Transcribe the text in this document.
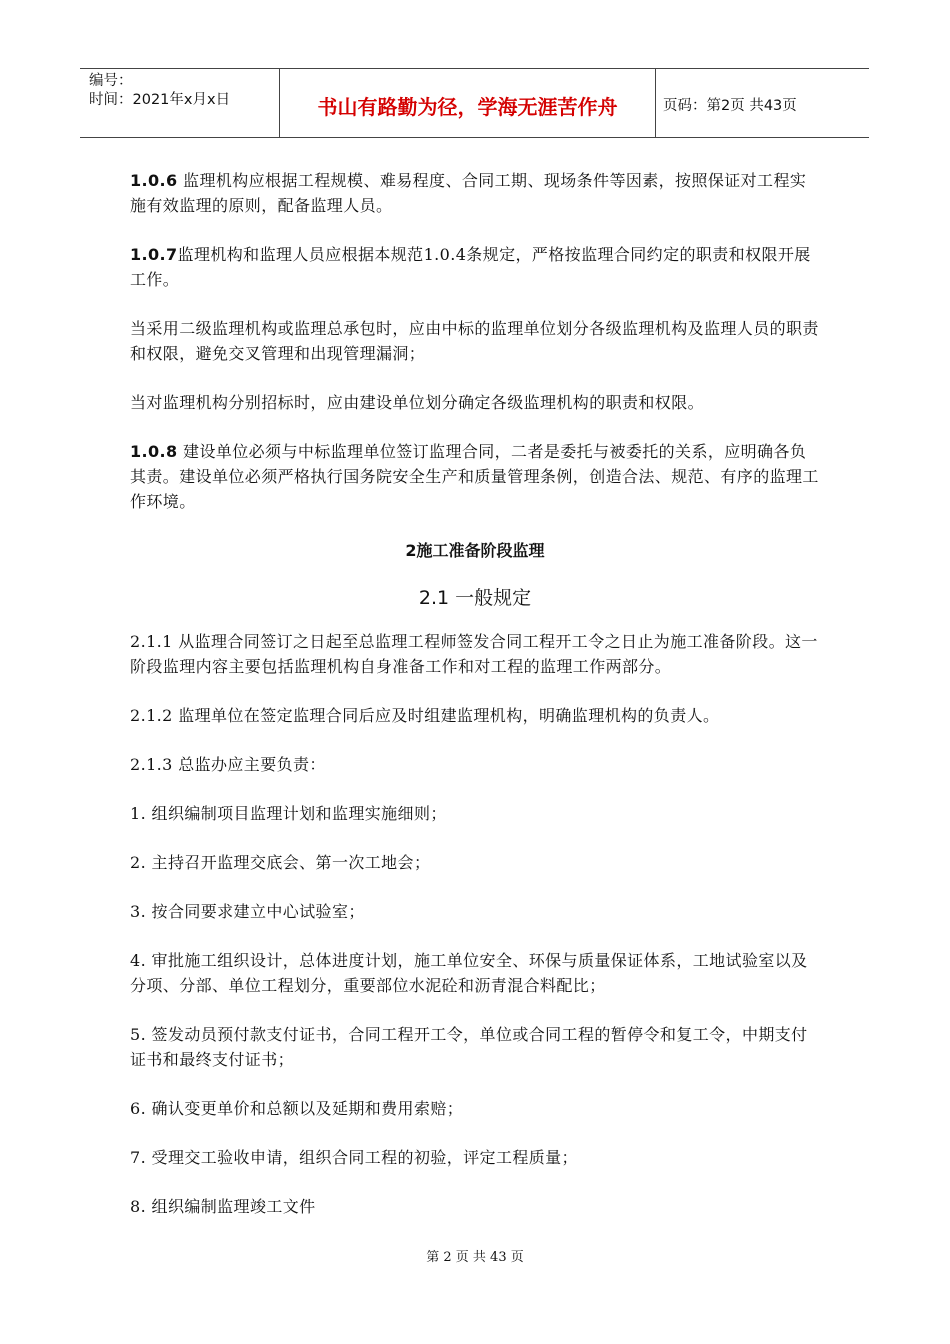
编号：
时间：2021年x月x日	书山有路勤为径，学海无涯苦作舟	页码：第2页 共43页

1.0.6 监理机构应根据工程规模、难易程度、合同工期、现场条件等因素，按照保证对工程实施有效监理的原则，配备监理人员。

1.0.7监理机构和监理人员应根据本规范1.0.4条规定，严格按监理合同约定的职责和权限开展工作。

当采用二级监理机构或监理总承包时，应由中标的监理单位划分各级监理机构及监理人员的职责和权限，避免交叉管理和出现管理漏洞；

当对监理机构分别招标时，应由建设单位划分确定各级监理机构的职责和权限。

1.0.8 建设单位必须与中标监理单位签订监理合同，二者是委托与被委托的关系，应明确各负其责。建设单位必须严格执行国务院安全生产和质量管理条例，创造合法、规范、有序的监理工作环境。

2施工准备阶段监理
2.1 一般规定

2.1.1 从监理合同签订之日起至总监理工程师签发合同工程开工令之日止为施工准备阶段。这一阶段监理内容主要包括监理机构自身准备工作和对工程的监理工作两部分。

2.1.2 监理单位在签定监理合同后应及时组建监理机构，明确监理机构的负责人。

2.1.3 总监办应主要负责：

1. 组织编制项目监理计划和监理实施细则；

2. 主持召开监理交底会、第一次工地会；

3. 按合同要求建立中心试验室；

4. 审批施工组织设计，总体进度计划，施工单位安全、环保与质量保证体系，工地试验室以及分项、分部、单位工程划分，重要部位水泥砼和沥青混合料配比；

5. 签发动员预付款支付证书，合同工程开工令，单位或合同工程的暂停令和复工令，中期支付证书和最终支付证书；

6. 确认变更单价和总额以及延期和费用索赔；

7. 受理交工验收申请，组织合同工程的初验，评定工程质量；

8. 组织编制监理竣工文件

第 2 页 共 43 页
